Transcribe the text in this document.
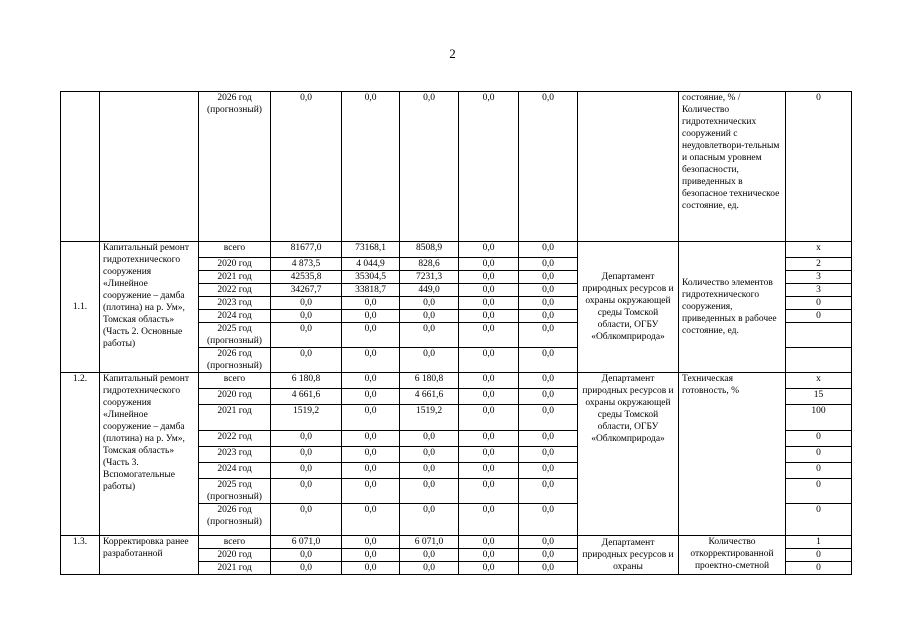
2
		2026 год (прогнозный)	0,0	0,0	0,0	0,0	0,0		состояние, % / Количество гидротехнических сооружений с неудовлетвори-тельным и опасным уровнем безопасности, приведенных в безопасное техническое состояние, ед.	0
1.1.	Капитальный ремонт гидротехнического сооружения «Линейное сооружение – дамба (плотина) на р. Ум», Томская область» (Часть 2. Основные работы)	всего	81677,0	73168,1	8508,9	0,0	0,0	Департамент природных ресурсов и охраны окружающей среды Томской области, ОГБУ «Облкомприрода»	Количество элементов гидротехнического сооружения, приведенных в рабочее состояние, ед.	х
		2020 год	4 873,5	4 044,9	828,6	0,0	0,0			2
		2021 год	42535,8	35304,5	7231,3	0,0	0,0			3
		2022 год	34267,7	33818,7	449,0	0,0	0,0			3
		2023 год	0,0	0,0	0,0	0,0	0,0			0
		2024 год	0,0	0,0	0,0	0,0	0,0			0
		2025 год (прогнозный)	0,0	0,0	0,0	0,0	0,0			
		2026 год (прогнозный)	0,0	0,0	0,0	0,0	0,0			
1.2.	Капитальный ремонт гидротехнического сооружения «Линейное сооружение – дамба (плотина) на р. Ум», Томская область» (Часть 3. Вспомогательные работы)	всего	6 180,8	0,0	6 180,8	0,0	0,0	Департамент природных ресурсов и охраны окружающей среды Томской области, ОГБУ «Облкомприрода»	Техническая готовность, %	х
		2020 год	4 661,6	0,0	4 661,6	0,0	0,0			15
		2021 год	1519,2	0,0	1519,2	0,0	0,0			100
		2022 год	0,0	0,0	0,0	0,0	0,0			0
		2023 год	0,0	0,0	0,0	0,0	0,0			0
		2024 год	0,0	0,0	0,0	0,0	0,0			0
		2025 год (прогнозный)	0,0	0,0	0,0	0,0	0,0			0
		2026 год (прогнозный)	0,0	0,0	0,0	0,0	0,0			0
1.3.	Корректировка ранее разработанной	всего	6 071,0	0,0	6 071,0	0,0	0,0	Департамент природных ресурсов и охраны	Количество откорректированной проектно-сметной	1
		2020 год	0,0	0,0	0,0	0,0	0,0			0
		2021 год	0,0	0,0	0,0	0,0	0,0			0
